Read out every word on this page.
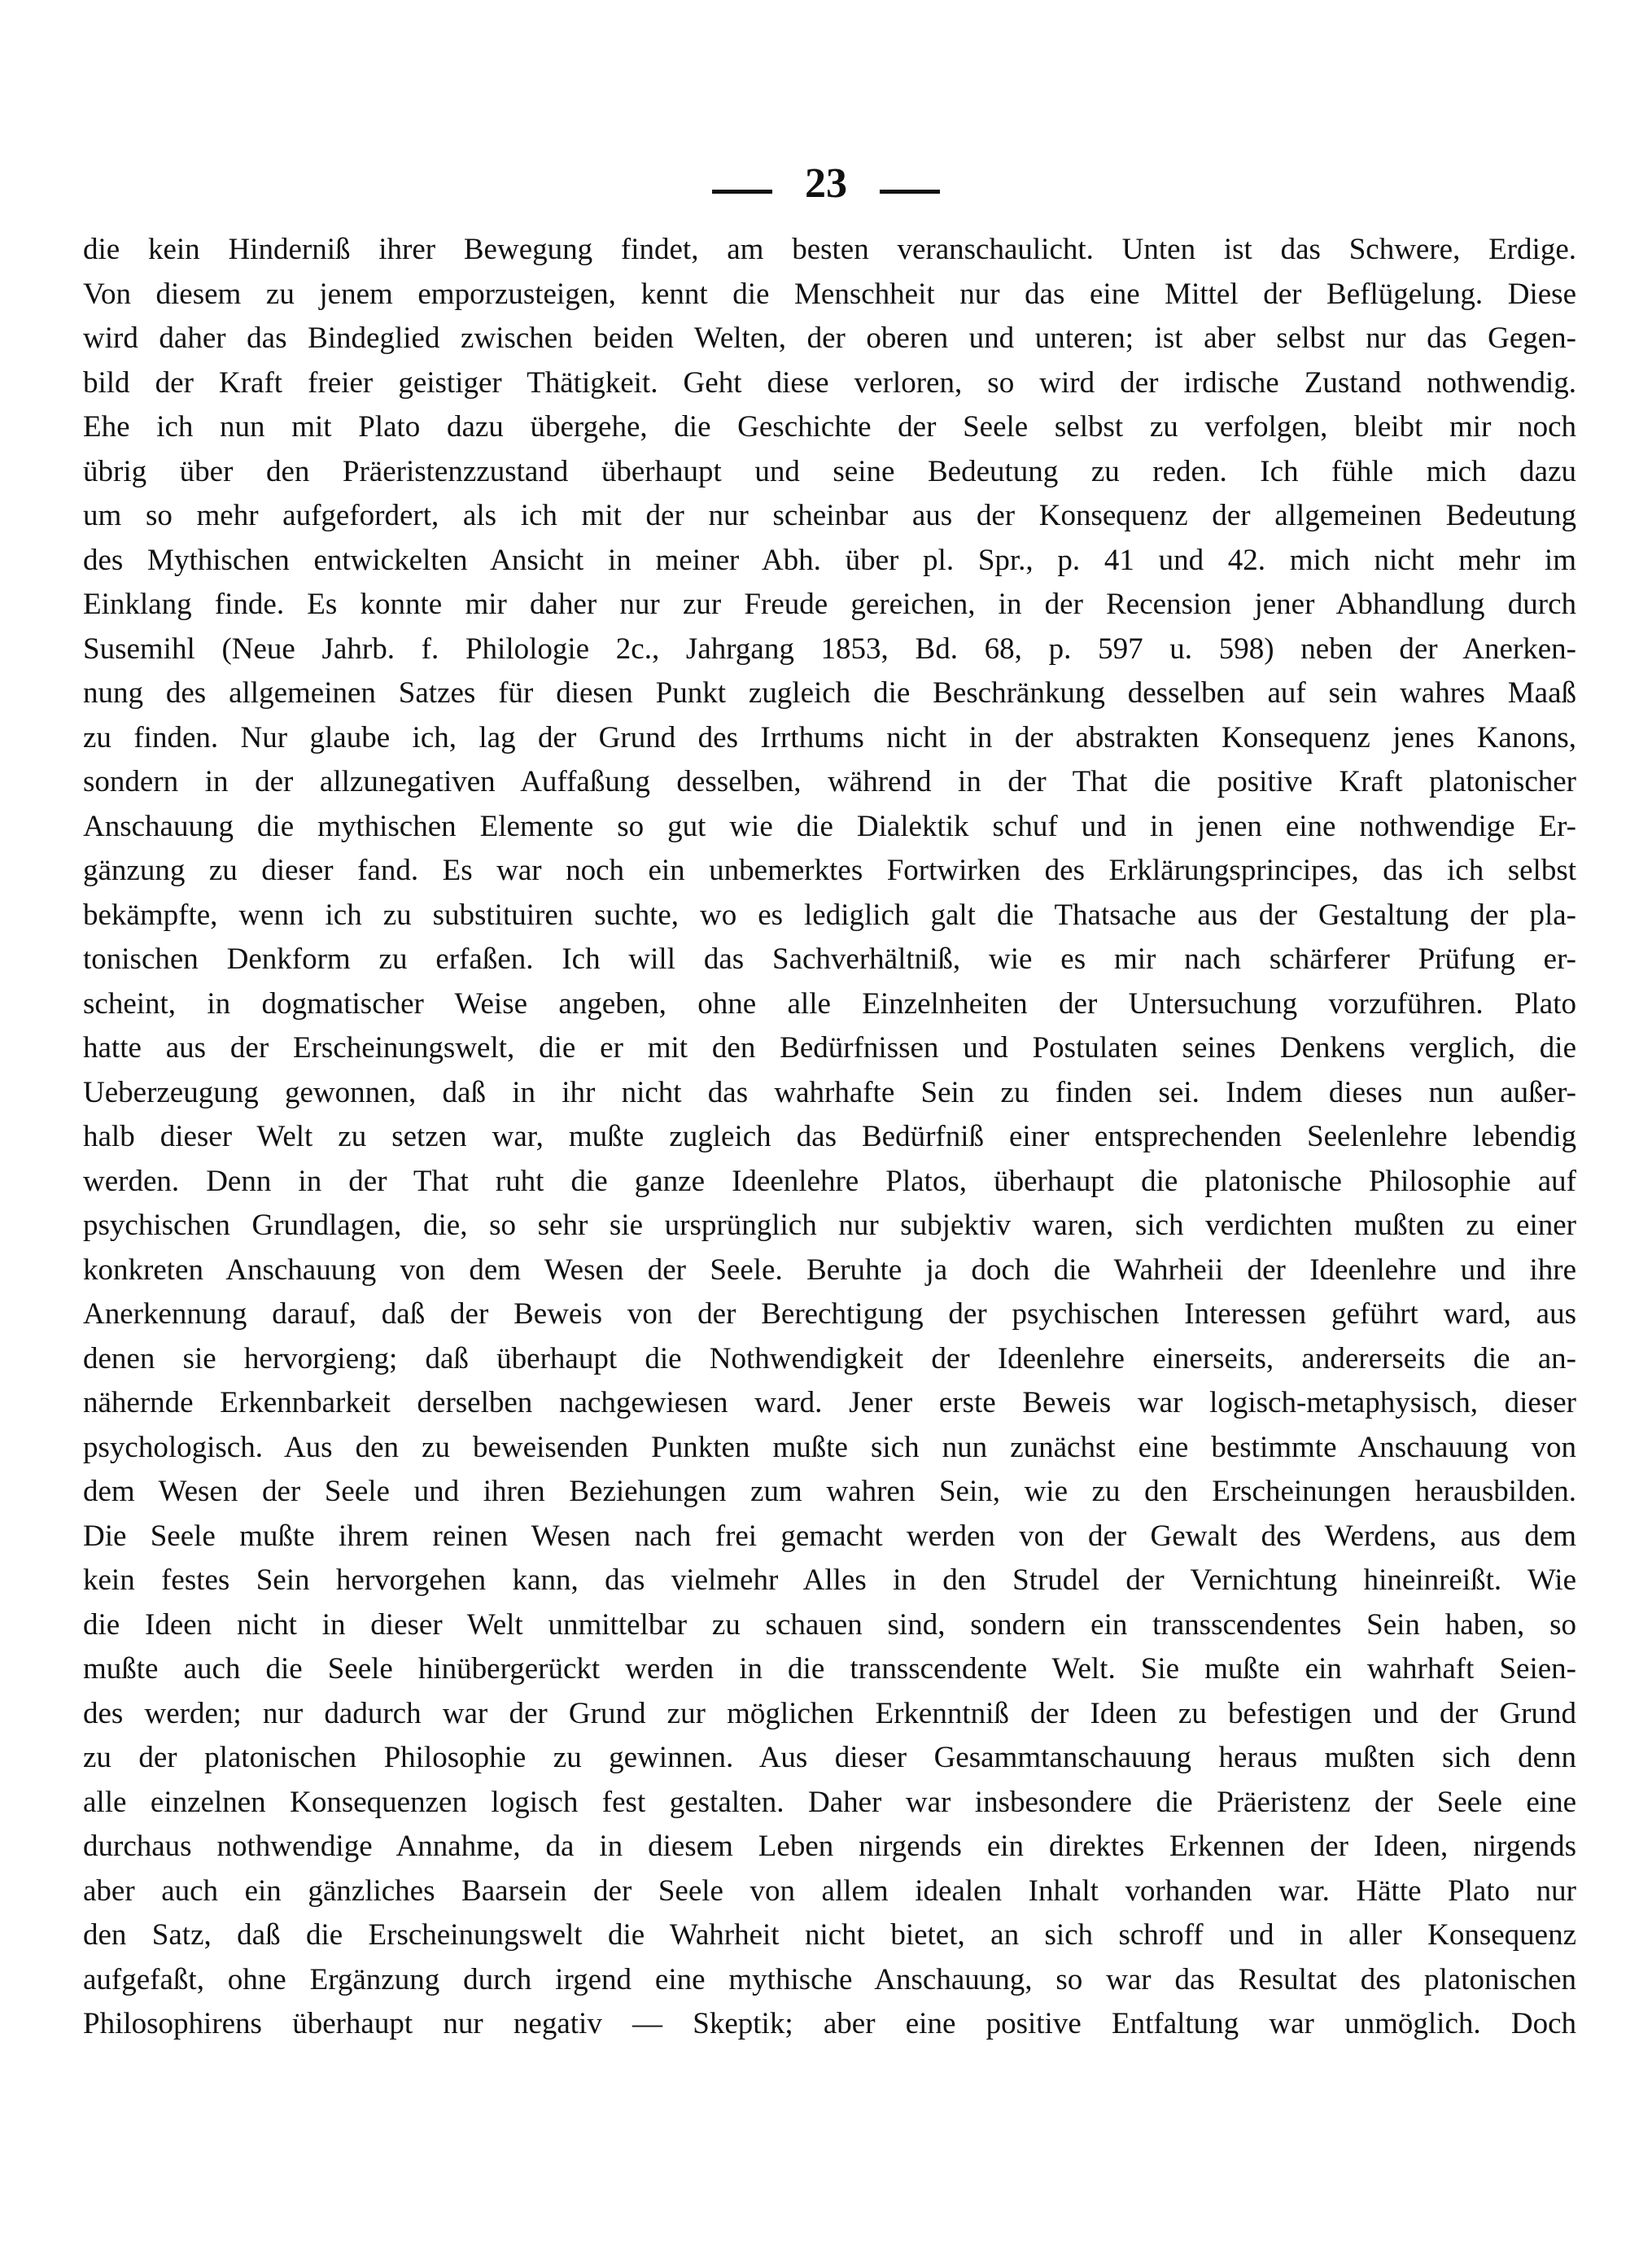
23
die kein Hinderniß ihrer Bewegung findet, am besten veranschaulicht. Unten ist das Schwere, Erdige.
Von diesem zu jenem emporzusteigen, kennt die Menschheit nur das eine Mittel der Beflügelung. Diese
wird daher das Bindeglied zwischen beiden Welten, der oberen und unteren; ist aber selbst nur das Gegen-
bild der Kraft freier geistiger Thätigkeit. Geht diese verloren, so wird der irdische Zustand nothwendig.
Ehe ich nun mit Plato dazu übergehe, die Geschichte der Seele selbst zu verfolgen, bleibt mir noch
übrig über den Präeristenzzustand überhaupt und seine Bedeutung zu reden. Ich fühle mich dazu
um so mehr aufgefordert, als ich mit der nur scheinbar aus der Konsequenz der allgemeinen Bedeutung
des Mythischen entwickelten Ansicht in meiner Abh. über pl. Spr., p. 41 und 42. mich nicht mehr im
Einklang finde. Es konnte mir daher nur zur Freude gereichen, in der Recension jener Abhandlung durch
Susemihl (Neue Jahrb. f. Philologie 2c., Jahrgang 1853, Bd. 68, p. 597 u. 598) neben der Anerken-
nung des allgemeinen Satzes für diesen Punkt zugleich die Beschränkung desselben auf sein wahres Maaß
zu finden. Nur glaube ich, lag der Grund des Irrthums nicht in der abstrakten Konsequenz jenes Kanons,
sondern in der allzunegativen Auffaßung desselben, während in der That die positive Kraft platonischer
Anschauung die mythischen Elemente so gut wie die Dialektik schuf und in jenen eine nothwendige Er-
gänzung zu dieser fand. Es war noch ein unbemerktes Fortwirken des Erklärungsprincipes, das ich selbst
bekämpfte, wenn ich zu substituiren suchte, wo es lediglich galt die Thatsache aus der Gestaltung der pla-
tonischen Denkform zu erfaßen. Ich will das Sachverhältniß, wie es mir nach schärferer Prüfung er-
scheint, in dogmatischer Weise angeben, ohne alle Einzelnheiten der Untersuchung vorzuführen. Plato
hatte aus der Erscheinungswelt, die er mit den Bedürfnissen und Postulaten seines Denkens verglich, die
Ueberzeugung gewonnen, daß in ihr nicht das wahrhafte Sein zu finden sei. Indem dieses nun außer-
halb dieser Welt zu setzen war, mußte zugleich das Bedürfniß einer entsprechenden Seelenlehre lebendig
werden. Denn in der That ruht die ganze Ideenlehre Platos, überhaupt die platonische Philosophie auf
psychischen Grundlagen, die, so sehr sie ursprünglich nur subjektiv waren, sich verdichten mußten zu einer
konkreten Anschauung von dem Wesen der Seele. Beruhte ja doch die Wahrheii der Ideenlehre und ihre
Anerkennung darauf, daß der Beweis von der Berechtigung der psychischen Interessen geführt ward, aus
denen sie hervorgieng; daß überhaupt die Nothwendigkeit der Ideenlehre einerseits, andererseits die an-
nähernde Erkennbarkeit derselben nachgewiesen ward. Jener erste Beweis war logisch-metaphysisch, dieser
psychologisch. Aus den zu beweisenden Punkten mußte sich nun zunächst eine bestimmte Anschauung von
dem Wesen der Seele und ihren Beziehungen zum wahren Sein, wie zu den Erscheinungen herausbilden.
Die Seele mußte ihrem reinen Wesen nach frei gemacht werden von der Gewalt des Werdens, aus dem
kein festes Sein hervorgehen kann, das vielmehr Alles in den Strudel der Vernichtung hineinreißt. Wie
die Ideen nicht in dieser Welt unmittelbar zu schauen sind, sondern ein transscendentes Sein haben, so
mußte auch die Seele hinübergerückt werden in die transscendente Welt. Sie mußte ein wahrhaft Seien-
des werden; nur dadurch war der Grund zur möglichen Erkenntniß der Ideen zu befestigen und der Grund
zu der platonischen Philosophie zu gewinnen. Aus dieser Gesammtanschauung heraus mußten sich denn
alle einzelnen Konsequenzen logisch fest gestalten. Daher war insbesondere die Präeristenz der Seele eine
durchaus nothwendige Annahme, da in diesem Leben nirgends ein direktes Erkennen der Ideen, nirgends
aber auch ein gänzliches Baarsein der Seele von allem idealen Inhalt vorhanden war. Hätte Plato nur
den Satz, daß die Erscheinungswelt die Wahrheit nicht bietet, an sich schroff und in aller Konsequenz
aufgefaßt, ohne Ergänzung durch irgend eine mythische Anschauung, so war das Resultat des platonischen
Philosophirens überhaupt nur negativ — Skeptik; aber eine positive Entfaltung war unmöglich. Doch
